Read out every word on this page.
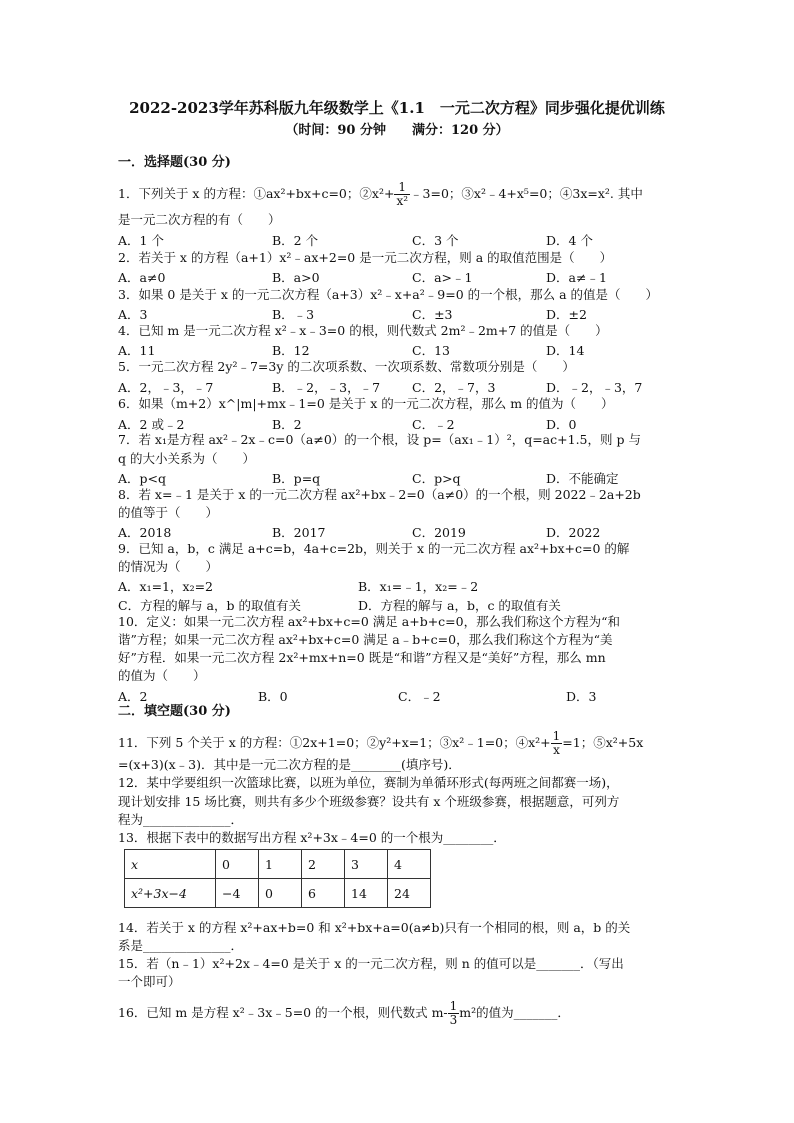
2022-2023学年苏科版九年级数学上《1.1　一元二次方程》同步强化提优训练
（时间：90 分钟　　满分：120 分）
一．选择题(30 分)
1．下列关于 x 的方程：①ax²+bx+c=0；②x²+ $\frac{1}{\text{x²}}$ ﹣3=0；③x²﹣4+x⁵=0；④3x=x². 其中
是一元二次方程的有（　　）
A．1 个	B．2 个	C．3 个	D．4 个
2．若关于 x 的方程（a+1）x²﹣ax+2=0 是一元二次方程，则 a 的取值范围是（　　）
A．a≠0	B．a>0	C．a>﹣1	D．a≠﹣1
3．如果 0 是关于 x 的一元二次方程（a+3）x²﹣x+a²﹣9=0 的一个根，那么 a 的值是（　　）
A．3	B．﹣3	C．±3	D．±2
4．已知 m 是一元二次方程 x²﹣x﹣3=0 的根，则代数式 2m²﹣2m+7 的值是（　　）
A．11	B．12	C．13	D．14
5．一元二次方程 2y²﹣7=3y 的二次项系数、一次项系数、常数项分别是（　　）
A．2，﹣3，﹣7	B．﹣2，﹣3，﹣7	C．2，﹣7，3	D．﹣2，﹣3，7
6．如果（m+2）x^|m|+mx﹣1=0 是关于 x 的一元二次方程，那么 m 的值为（　　）
A．2 或﹣2	B．2	C．﹣2	D．0
7．若 x₁是方程 ax²﹣2x﹣c=0（a≠0）的一个根，设 p=（ax₁﹣1）²，q=ac+1.5，则 p 与
q 的大小关系为（　　）
A．p<q	B．p=q	C．p>q	D．不能确定
8．若 x=﹣1 是关于 x 的一元二次方程 ax²+bx﹣2=0（a≠0）的一个根，则 2022﹣2a+2b
的值等于（　　）
A．2018	B．2017	C．2019	D．2022
9．已知 a，b，c 满足 a+c=b，4a+c=2b，则关于 x 的一元二次方程 ax²+bx+c=0 的解
的情况为（　　）
A．x₁=1，x₂=2	B．x₁=﹣1，x₂=﹣2
C．方程的解与 a，b 的取值有关	D．方程的解与 a，b，c 的取值有关
10．定义：如果一元二次方程 ax²+bx+c=0 满足 a+b+c=0，那么我们称这个方程为“和
谐”方程；如果一元二次方程 ax²+bx+c=0 满足 a﹣b+c=0，那么我们称这个方程为“美
好”方程．如果一元二次方程 2x²+mx+n=0 既是“和谐”方程又是“美好”方程，那么 mn
的值为（　　）
A．2	B．0	C．﹣2	D．3
二．填空题(30 分)
11．下列 5 个关于 x 的方程：①2x+1=0；②y²+x=1；③x²﹣1=0；④x²+ $\frac{1}{x} =1$；⑤x²+5x
=(x+3)(x﹣3)．其中是一元二次方程的是________(填序号)．
12．某中学要组织一次篮球比赛，以班为单位，赛制为单循环形式(每两班之间都赛一场)，
现计划安排 15 场比赛，则共有多少个班级参赛？设共有 x 个班级参赛，根据题意，可列方
程为______________．
13．根据下表中的数据写出方程 x²+3x﹣4=0 的一个根为________．
x	0	1	2	3	4
x²+3x−4	−4	0	6	14	24
14．若关于 x 的方程 x²+ax+b=0 和 x²+bx+a=0(a≠b)只有一个相同的根，则 a，b 的关
系是______________．
15．若（n﹣1）x²+2x﹣4=0 是关于 x 的一元二次方程，则 n 的值可以是_______．（写出
一个即可）
16．已知 m 是方程 x²﹣3x﹣5=0 的一个根，则代数式 $m- \frac{1}{3} m^2$的值为_______．
